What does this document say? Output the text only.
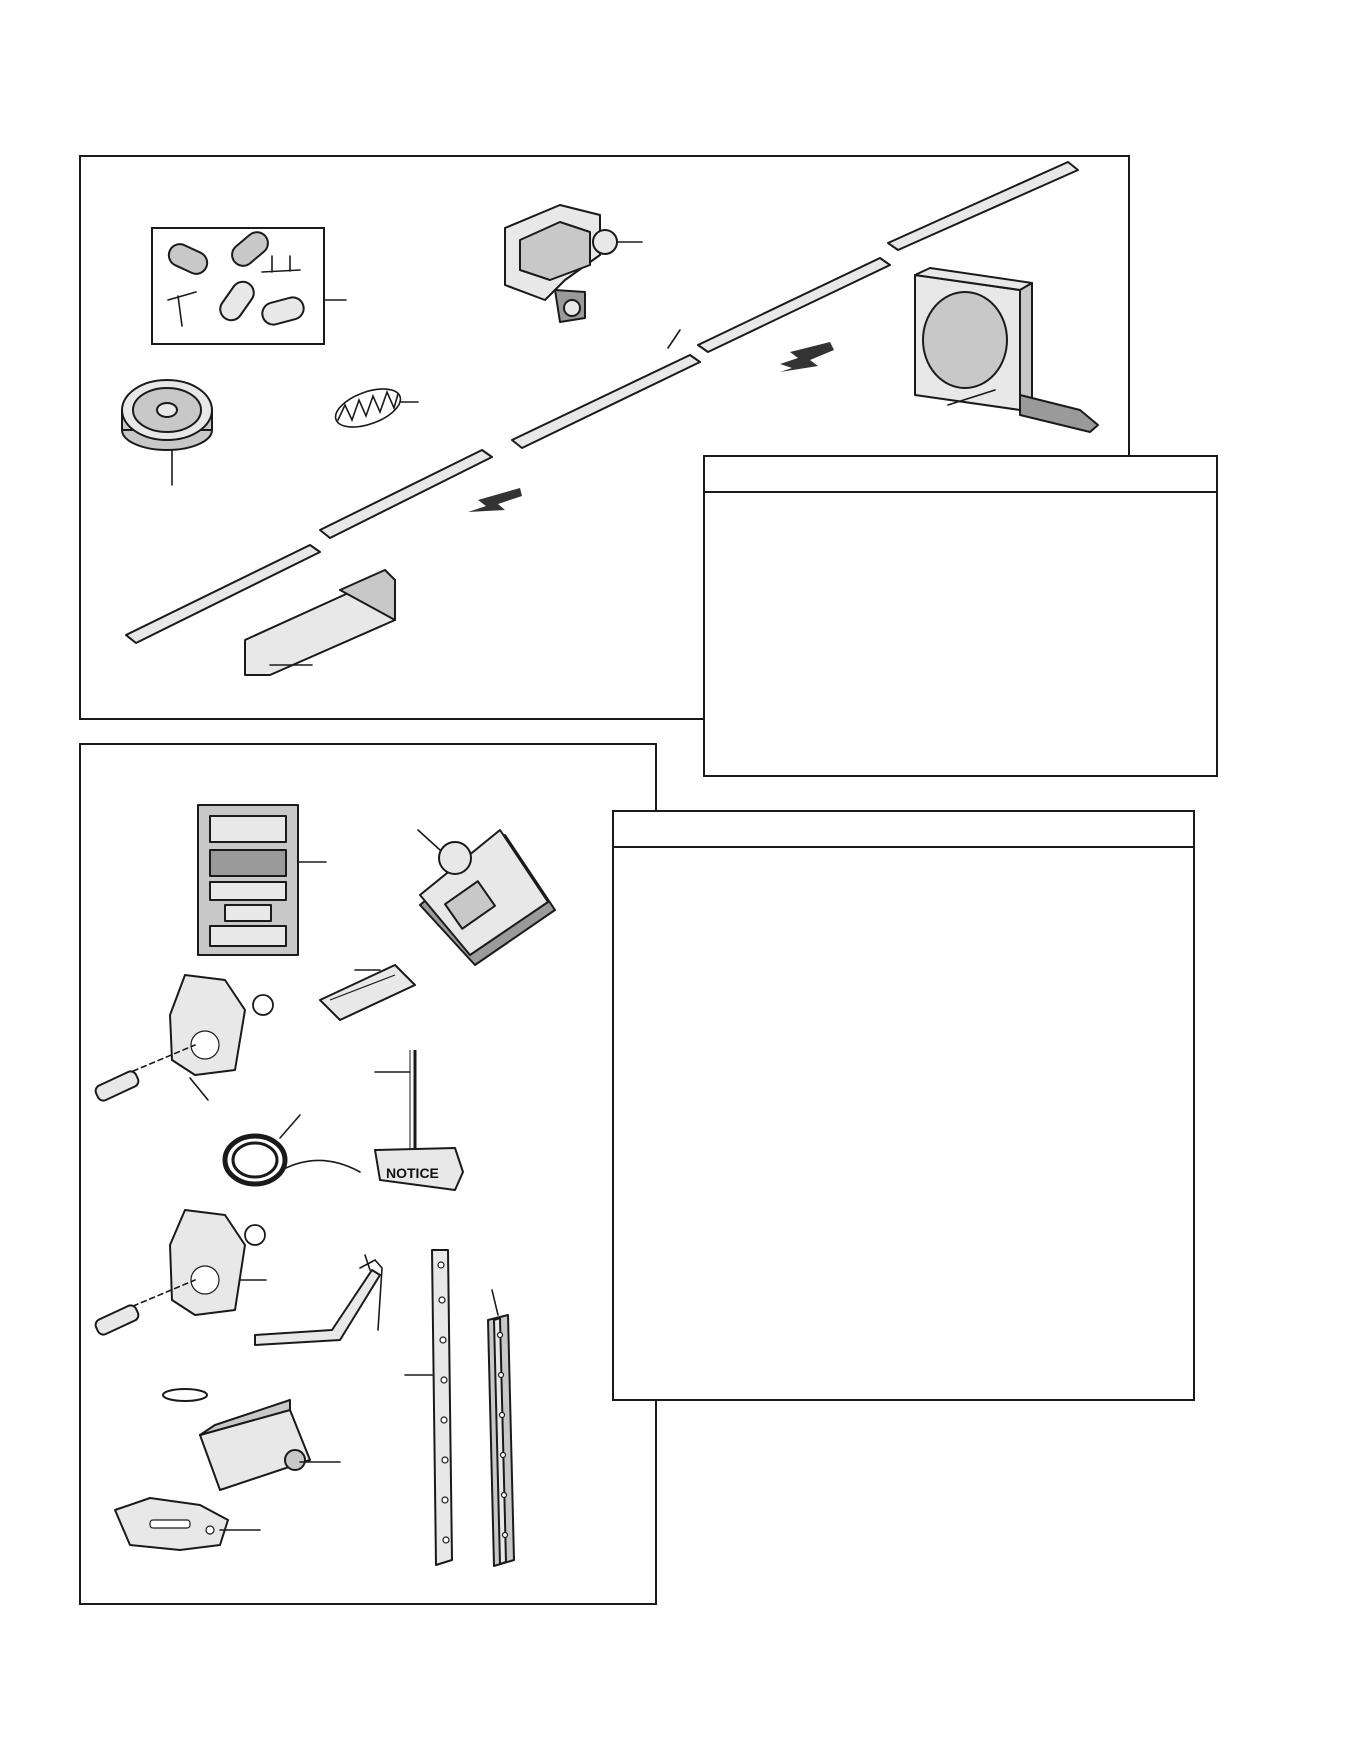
NOTICE
